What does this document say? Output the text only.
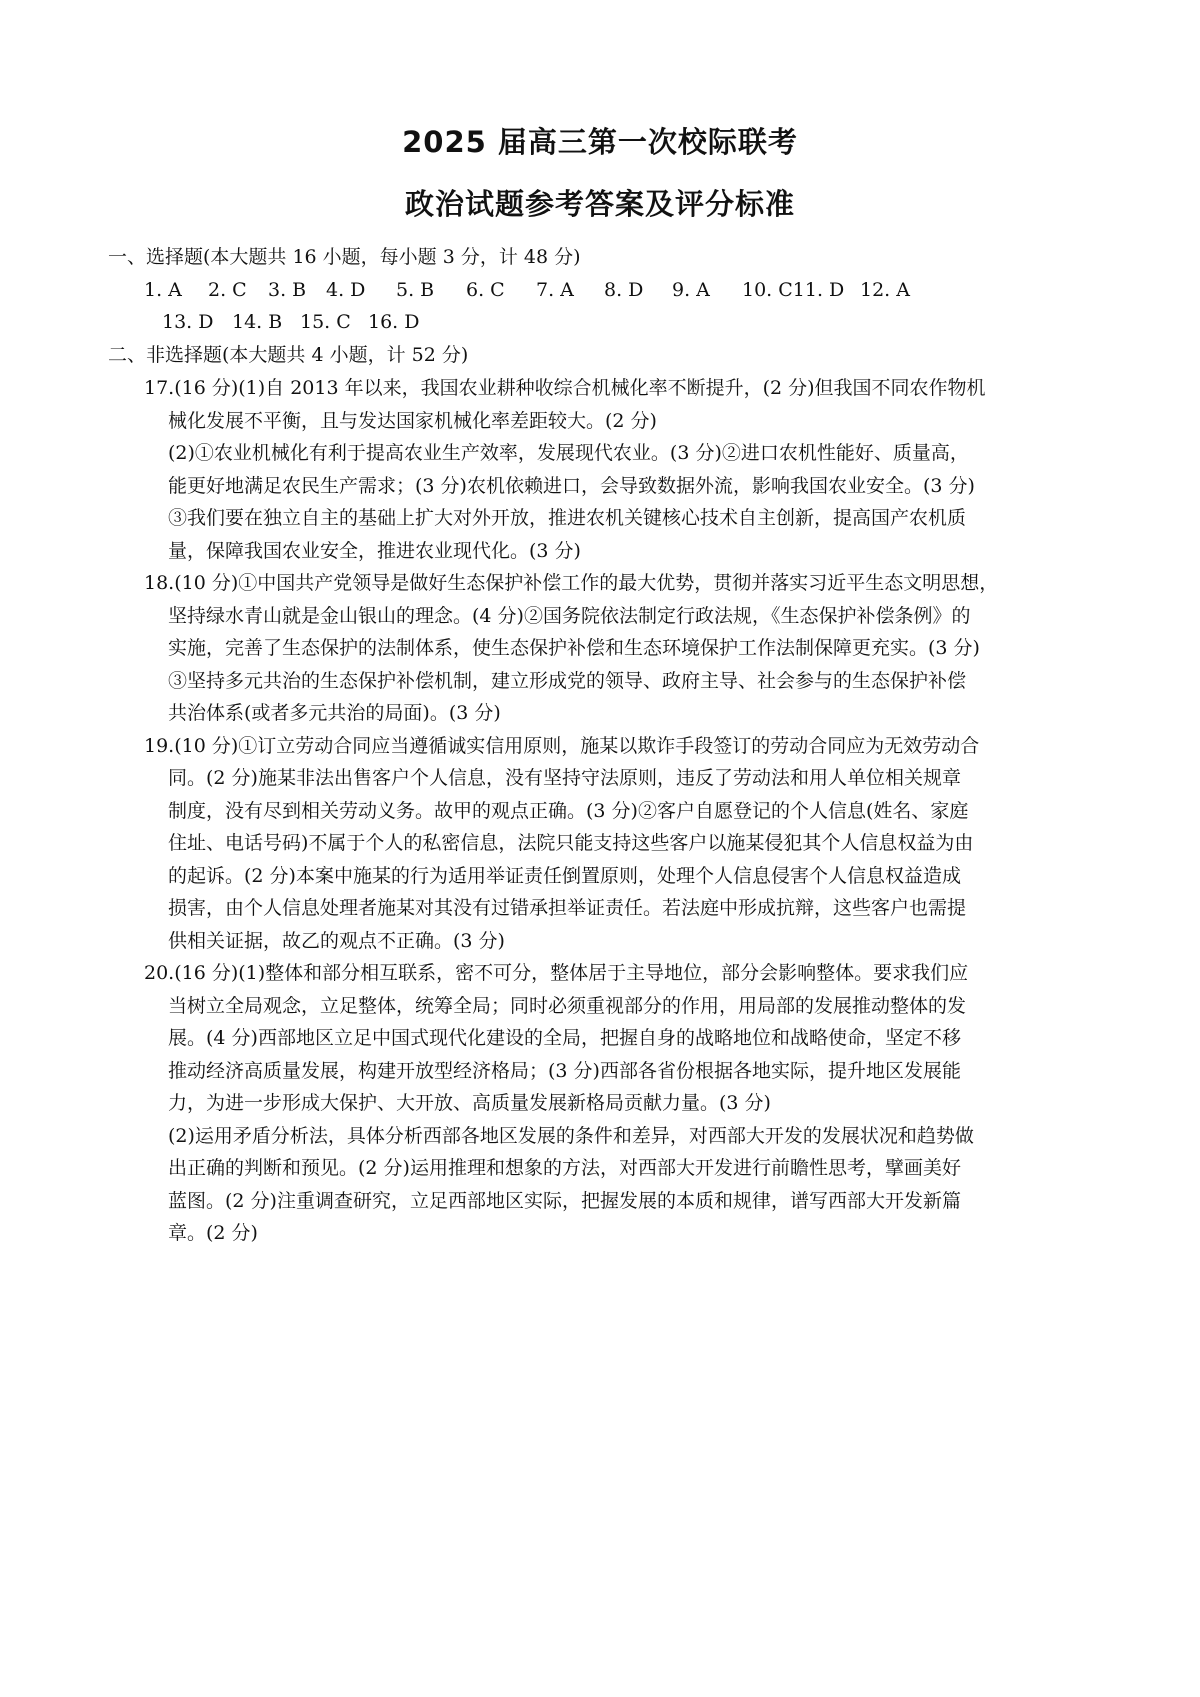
2025 届高三第一次校际联考
政治试题参考答案及评分标准
一、选择题(本大题共 16 小题，每小题 3 分，计 48 分)
1. A 2. C 3. B 4. D 5. B 6. C 7. A 8. D 9. A 10. C11. D 12. A
13. D 14. B 15. C 16. D
二、非选择题(本大题共 4 小题，计 52 分)
17.(16 分)(1)自 2013 年以来，我国农业耕种收综合机械化率不断提升，(2 分)但我国不同农作物机
械化发展不平衡，且与发达国家机械化率差距较大。(2 分)
(2)①农业机械化有利于提高农业生产效率，发展现代农业。(3 分)②进口农机性能好、质量高，
能更好地满足农民生产需求；(3 分)农机依赖进口，会导致数据外流，影响我国农业安全。(3 分)
③我们要在独立自主的基础上扩大对外开放，推进农机关键核心技术自主创新，提高国产农机质
量，保障我国农业安全，推进农业现代化。(3 分)
18.(10 分)①中国共产党领导是做好生态保护补偿工作的最大优势，贯彻并落实习近平生态文明思想，
坚持绿水青山就是金山银山的理念。(4 分)②国务院依法制定行政法规，《生态保护补偿条例》的
实施，完善了生态保护的法制体系，使生态保护补偿和生态环境保护工作法制保障更充实。(3 分)
③坚持多元共治的生态保护补偿机制，建立形成党的领导、政府主导、社会参与的生态保护补偿
共治体系(或者多元共治的局面)。(3 分)
19.(10 分)①订立劳动合同应当遵循诚实信用原则，施某以欺诈手段签订的劳动合同应为无效劳动合
同。(2 分)施某非法出售客户个人信息，没有坚持守法原则，违反了劳动法和用人单位相关规章
制度，没有尽到相关劳动义务。故甲的观点正确。(3 分)②客户自愿登记的个人信息(姓名、家庭
住址、电话号码)不属于个人的私密信息，法院只能支持这些客户以施某侵犯其个人信息权益为由
的起诉。(2 分)本案中施某的行为适用举证责任倒置原则，处理个人信息侵害个人信息权益造成
损害，由个人信息处理者施某对其没有过错承担举证责任。若法庭中形成抗辩，这些客户也需提
供相关证据，故乙的观点不正确。(3 分)
20.(16 分)(1)整体和部分相互联系，密不可分，整体居于主导地位，部分会影响整体。要求我们应
当树立全局观念，立足整体，统筹全局；同时必须重视部分的作用，用局部的发展推动整体的发
展。(4 分)西部地区立足中国式现代化建设的全局，把握自身的战略地位和战略使命，坚定不移
推动经济高质量发展，构建开放型经济格局；(3 分)西部各省份根据各地实际，提升地区发展能
力，为进一步形成大保护、大开放、高质量发展新格局贡献力量。(3 分)
(2)运用矛盾分析法，具体分析西部各地区发展的条件和差异，对西部大开发的发展状况和趋势做
出正确的判断和预见。(2 分)运用推理和想象的方法，对西部大开发进行前瞻性思考，擘画美好
蓝图。(2 分)注重调查研究，立足西部地区实际，把握发展的本质和规律，谱写西部大开发新篇
章。(2 分)
